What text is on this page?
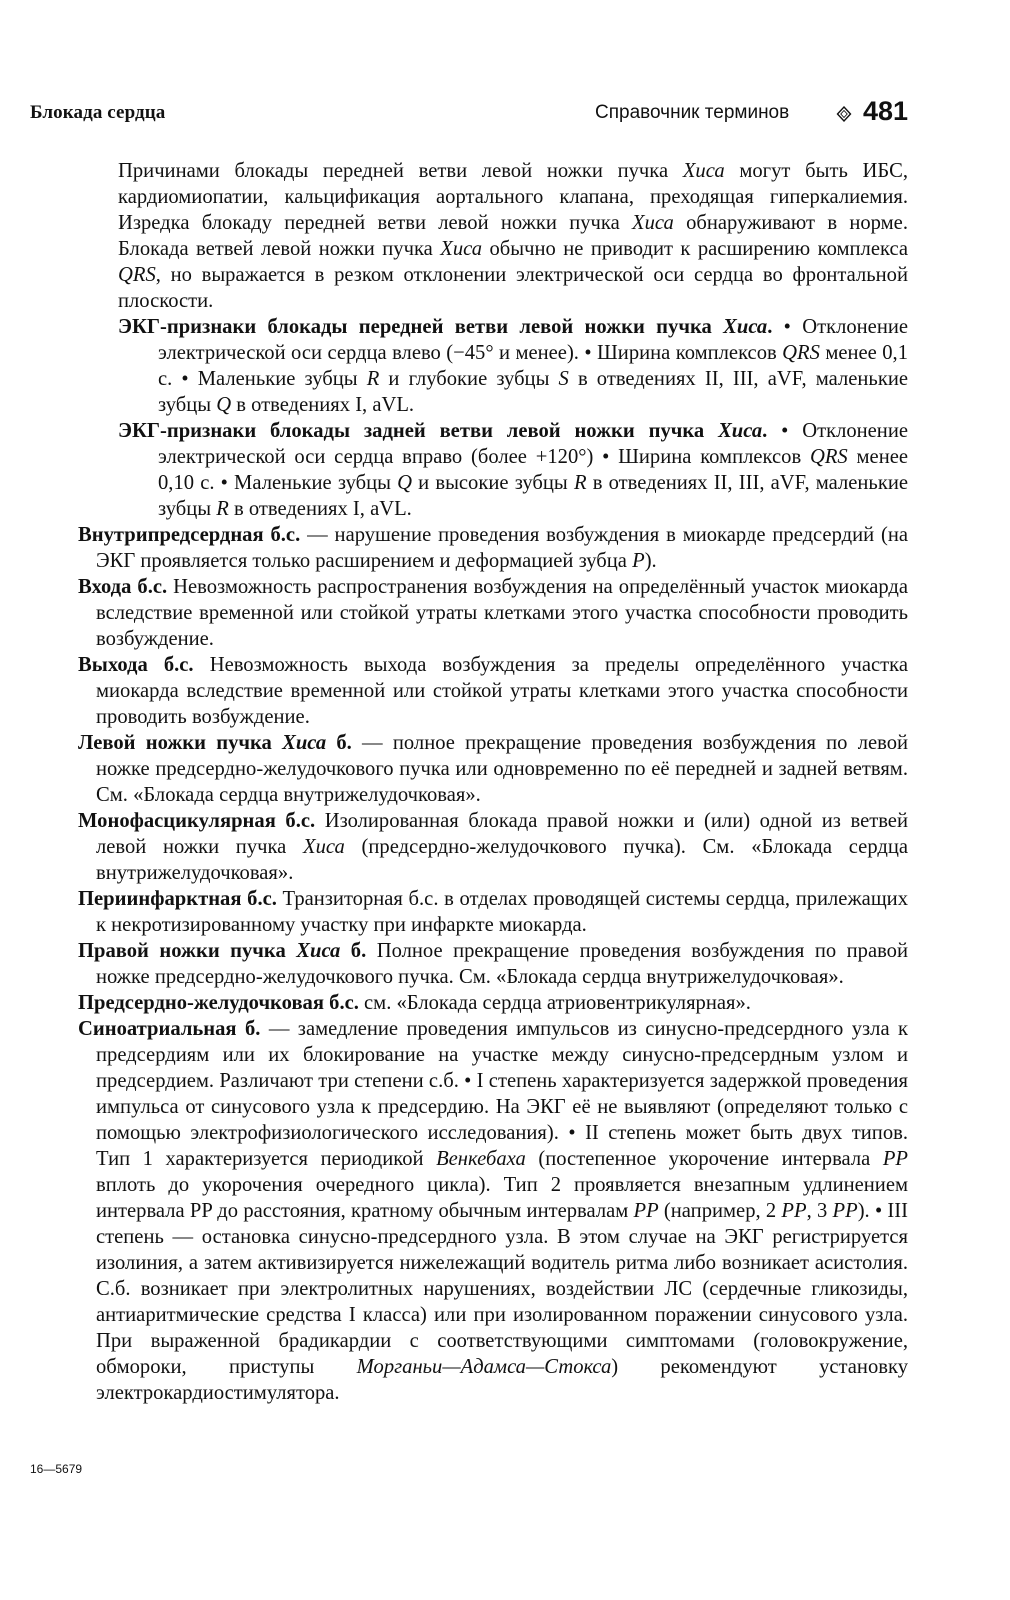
Блокада сердца	Справочник терминов	481

Причинами блокады передней ветви левой ножки пучка Хиса могут быть ИБС, кардиомиопатии, кальцификация аортального клапана, преходящая гиперкалиемия. Изредка блокаду передней ветви левой ножки пучка Хиса обнаруживают в норме. Блокада ветвей левой ножки пучка Хиса обычно не приводит к расширению комплекса QRS, но выражается в резком отклонении электрической оси сердца во фронтальной плоскости.

ЭКГ-признаки блокады передней ветви левой ножки пучка Хиса. • Отклонение электрической оси сердца влево (−45° и менее). • Ширина комплексов QRS менее 0,1 с. • Маленькие зубцы R и глубокие зубцы S в отведениях II, III, aVF, маленькие зубцы Q в отведениях I, aVL.

ЭКГ-признаки блокады задней ветви левой ножки пучка Хиса. • Отклонение электрической оси сердца вправо (более +120°) • Ширина комплексов QRS менее 0,10 с. • Маленькие зубцы Q и высокие зубцы R в отведениях II, III, aVF, маленькие зубцы R в отведениях I, aVL.

Внутрипредсердная б.с. — нарушение проведения возбуждения в миокарде предсердий (на ЭКГ проявляется только расширением и деформацией зубца P).

Входа б.с. Невозможность распространения возбуждения на определённый участок миокарда вследствие временной или стойкой утраты клетками этого участка способности проводить возбуждение.

Выхода б.с. Невозможность выхода возбуждения за пределы определённого участка миокарда вследствие временной или стойкой утраты клетками этого участка способности проводить возбуждение.

Левой ножки пучка Хиса б. — полное прекращение проведения возбуждения по левой ножке предсердно-желудочкового пучка или одновременно по её передней и задней ветвям. См. «Блокада сердца внутрижелудочковая».

Монофасцикулярная б.с. Изолированная блокада правой ножки и (или) одной из ветвей левой ножки пучка Хиса (предсердно-желудочкового пучка). См. «Блокада сердца внутрижелудочковая».

Периинфарктная б.с. Транзиторная б.с. в отделах проводящей системы сердца, прилежащих к некротизированному участку при инфаркте миокарда.

Правой ножки пучка Хиса б. Полное прекращение проведения возбуждения по правой ножке предсердно-желудочкового пучка. См. «Блокада сердца внутрижелудочковая».

Предсердно-желудочковая б.с. см. «Блокада сердца атриовентрикулярная».

Синоатриальная б. — замедление проведения импульсов из синусно-предсердного узла к предсердиям или их блокирование на участке между синусно-предсердным узлом и предсердием. Различают три степени с.б. • I степень характеризуется задержкой проведения импульса от синусового узла к предсердию. На ЭКГ её не выявляют (определяют только с помощью электрофизиологического исследования). • II степень может быть двух типов. Тип 1 характеризуется периодикой Венкебаха (постепенное укорочение интервала PP вплоть до укорочения очередного цикла). Тип 2 проявляется внезапным удлинением интервала PP до расстояния, кратному обычным интервалам PP (например, 2 PP, 3 PP). • III степень — остановка синусно-предсердного узла. В этом случае на ЭКГ регистрируется изолиния, а затем активизируется нижележащий водитель ритма либо возникает асистолия. С.б. возникает при электролитных нарушениях, воздействии ЛС (сердечные гликозиды, антиаритмические средства I класса) или при изолированном поражении синусового узла. При выраженной брадикардии с соответствующими симптомами (головокружение, обмороки, приступы Морганьи—Адамса—Стокса) рекомендуют установку электрокардиостимулятора.

16—5679
